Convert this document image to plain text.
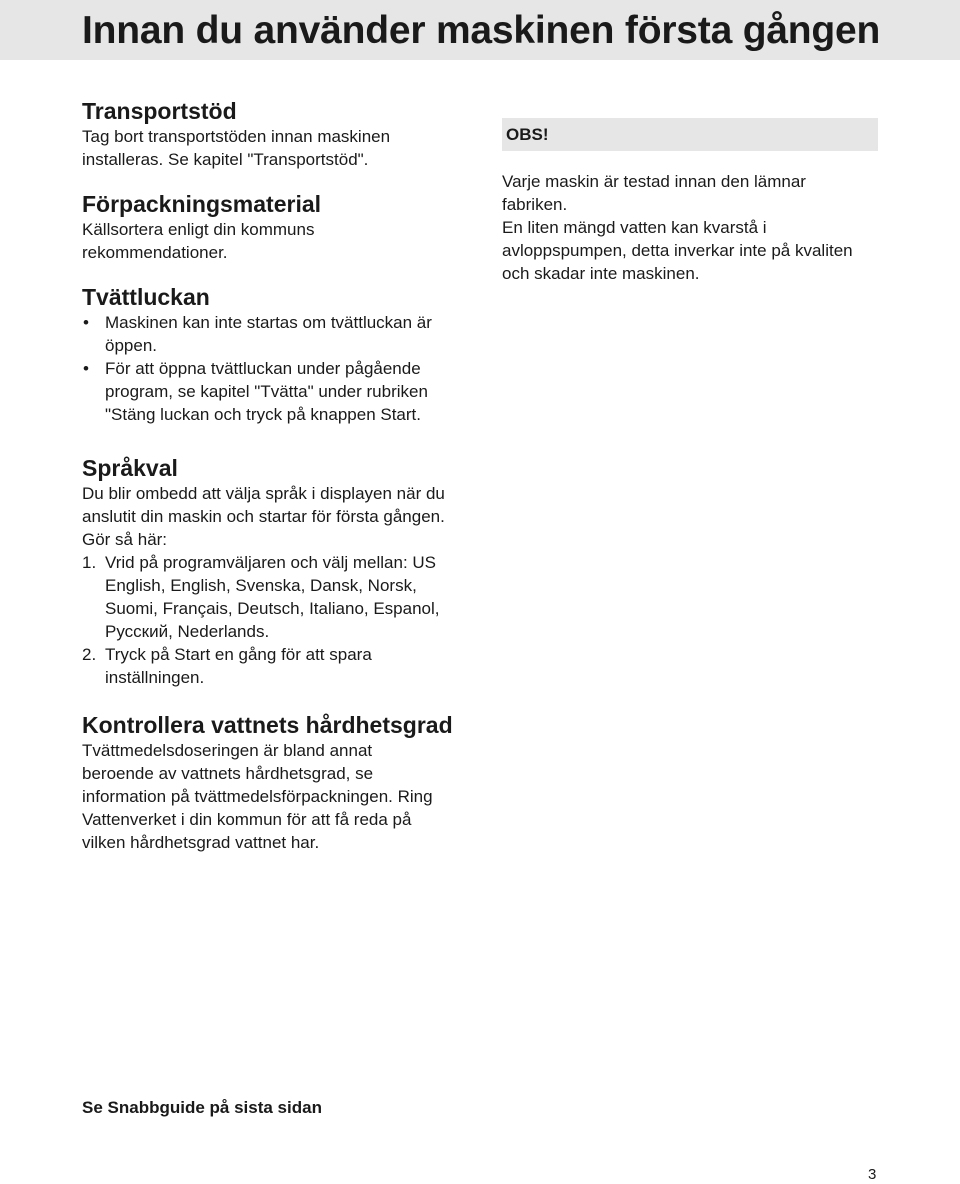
Innan du använder maskinen första gången
Transportstöd

Tag bort transportstöden innan maskinen

installeras. Se kapitel "Transportstöd".

Förpackningsmaterial

Källsortera enligt din kommuns

rekommendationer.

Tvättluckan
• Maskinen kan inte startas om tvättluckan är
öppen.
• För att öppna tvättluckan under pågående
program, se kapitel "Tvätta" under rubriken
"Stäng luckan och tryck på knappen Start.
Språkval

Du blir ombedd att välja språk i displayen när du

anslutit din maskin och startar för första gången.

Gör så här:

1. Vrid på programväljaren och välj mellan: US
English, English, Svenska, Dansk, Norsk,
Suomi, Français, Deutsch, Italiano, Espanol,
Русский, Nederlands.
2. Tryck på Start en gång för att spara
inställningen.
Kontrollera vattnets hårdhetsgrad

Tvättmedelsdoseringen är bland annat

beroende av vattnets hårdhetsgrad, se

information på tvättmedelsförpackningen. Ring

Vattenverket i din kommun för att få reda på

vilken hårdhetsgrad vattnet har.

OBS!

Varje maskin är testad innan den lämnar

fabriken.

En liten mängd vatten kan kvarstå i

avloppspumpen, detta inverkar inte på kvaliten

och skadar inte maskinen.

Se Snabbguide på sista sidan

3
